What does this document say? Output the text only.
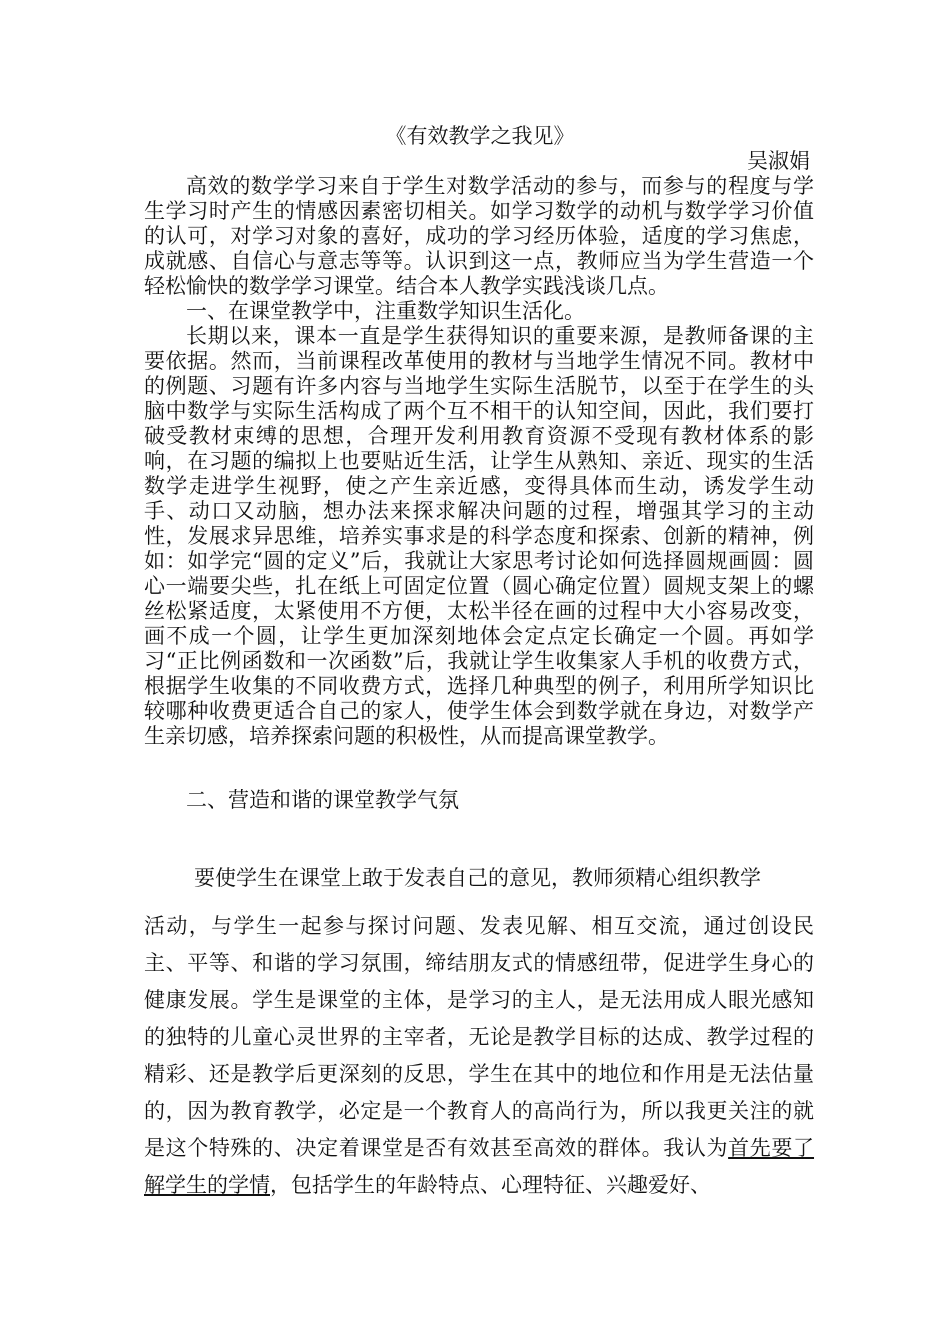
《有效教学之我见》
吴淑娟

高效的数学学习来自于学生对数学活动的参与，而参与的程度与学生学习时产生的情感因素密切相关。如学习数学的动机与数学学习价值的认可，对学习对象的喜好，成功的学习经历体验，适度的学习焦虑，成就感、自信心与意志等等。认识到这一点，教师应当为学生营造一个轻松愉快的数学学习课堂。结合本人教学实践浅谈几点。

一、在课堂教学中，注重数学知识生活化。

长期以来，课本一直是学生获得知识的重要来源，是教师备课的主要依据。然而，当前课程改革使用的教材与当地学生情况不同。教材中的例题、习题有许多内容与当地学生实际生活脱节，以至于在学生的头脑中数学与实际生活构成了两个互不相干的认知空间，因此，我们要打破受教材束缚的思想，合理开发利用教育资源不受现有教材体系的影响，在习题的编拟上也要贴近生活，让学生从熟知、亲近、现实的生活数学走进学生视野，使之产生亲近感，变得具体而生动，诱发学生动手、动口又动脑，想办法来探求解决问题的过程，增强其学习的主动性，发展求异思维，培养实事求是的科学态度和探索、创新的精神，例如：如学完“圆的定义”后，我就让大家思考讨论如何选择圆规画圆：圆心一端要尖些，扎在纸上可固定位置（圆心确定位置）圆规支架上的螺丝松紧适度，太紧使用不方便，太松半径在画的过程中大小容易改变，画不成一个圆，让学生更加深刻地体会定点定长确定一个圆。再如学习“正比例函数和一次函数”后，我就让学生收集家人手机的收费方式，根据学生收集的不同收费方式，选择几种典型的例子，利用所学知识比较哪种收费更适合自己的家人，使学生体会到数学就在身边，对数学产生亲切感，培养探索问题的积极性，从而提高课堂教学。

二、营造和谐的课堂教学气氛

要使学生在课堂上敢于发表自己的意见，教师须精心组织教学

活动，与学生一起参与探讨问题、发表见解、相互交流，通过创设民主、平等、和谐的学习氛围，缔结朋友式的情感纽带，促进学生身心的健康发展。学生是课堂的主体，是学习的主人，是无法用成人眼光感知的独特的儿童心灵世界的主宰者，无论是教学目标的达成、教学过程的精彩、还是教学后更深刻的反思，学生在其中的地位和作用是无法估量的，因为教育教学，必定是一个教育人的高尚行为，所以我更关注的就是这个特殊的、决定着课堂是否有效甚至高效的群体。我认为首先要了解学生的学情，包括学生的年龄特点、心理特征、兴趣爱好、
